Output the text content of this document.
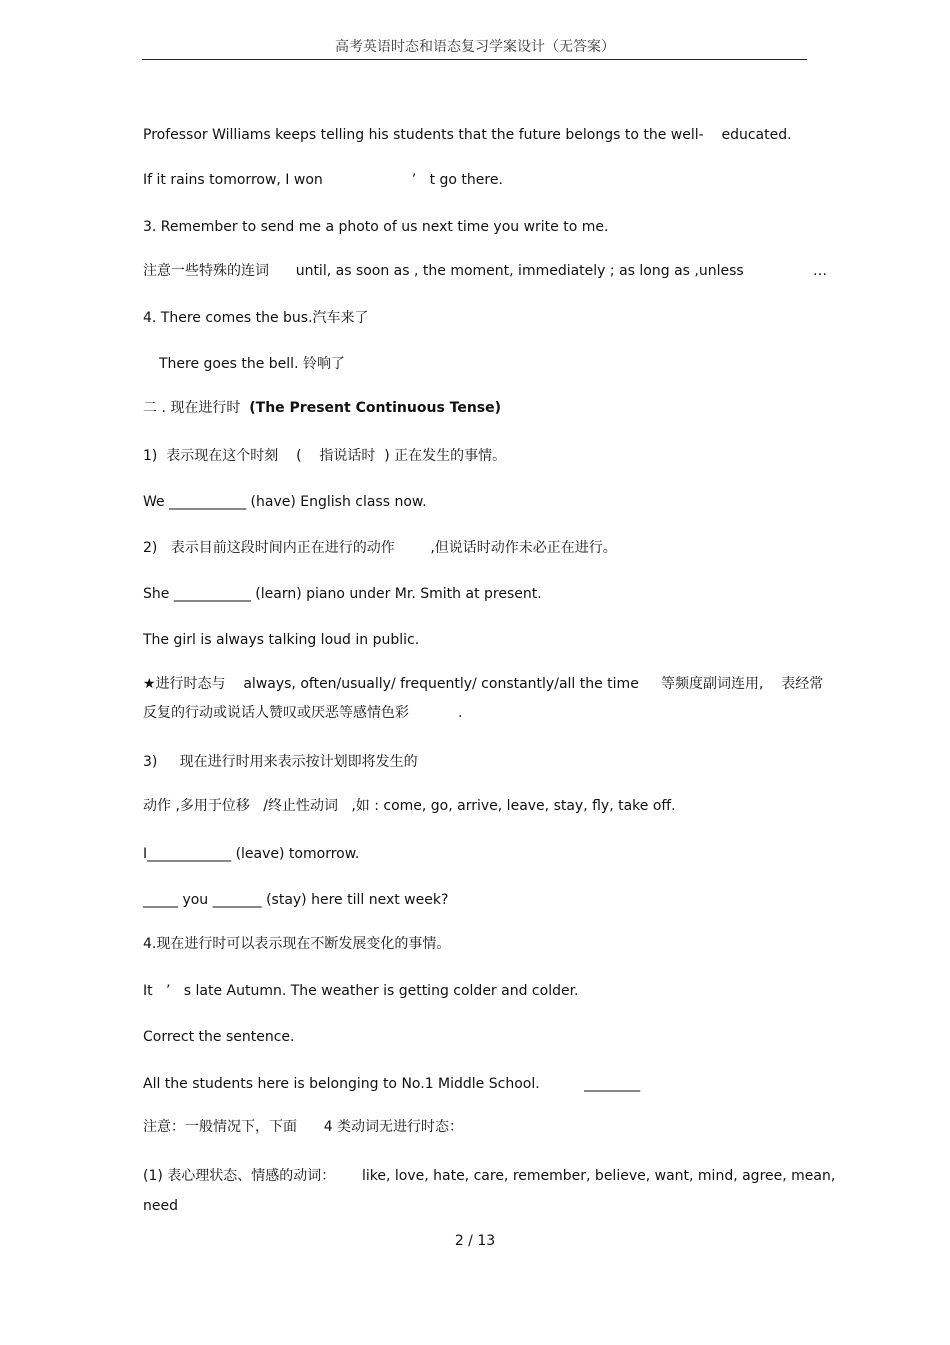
高考英语时态和语态复习学案设计（无答案）
Professor Williams keeps telling his students that the future belongs to the well-    educated.
If it rains tomorrow, I won                    ’   t go there.
3. Remember to send me a photo of us next time you write to me.
注意一些特殊的连词      until, as soon as , the moment, immediately ; as long as ,unless	…
4. There comes the bus.汽车来了
There goes the bell. 铃响了
二 . 现在进行时  (The Present Continuous Tense)
1)  表示现在这个时刻    (    指说话时  ) 正在发生的事情。
We ___________ (have) English class now.
2)   表示目前这段时间内正在进行的动作        ,但说话时动作未必正在进行。
She ___________ (learn) piano under Mr. Smith at present.
The girl is always talking loud in public.
★进行时态与    always, often/usually/ frequently/ constantly/all the time     等频度副词连用,    表经常
反复的行动或说话人赞叹或厌恶等感情色彩           .
3)     现在进行时用来表示按计划即将发生的
动作 ,多用于位移   /终止性动词   ,如 : come, go, arrive, leave, stay, fly, take off.
I____________ (leave) tomorrow.
_____ you _______ (stay) here till next week?
4.现在进行时可以表示现在不断发展变化的事情。
It   ’   s late Autumn. The weather is getting colder and colder.
Correct the sentence.
All the students here is belonging to No.1 Middle School.          ________
注意：一般情况下，下面      4 类动词无进行时态：
(1) 表心理状态、情感的动词：      like, love, hate, care, remember, believe, want, mind, agree, mean,
need
2 / 13
